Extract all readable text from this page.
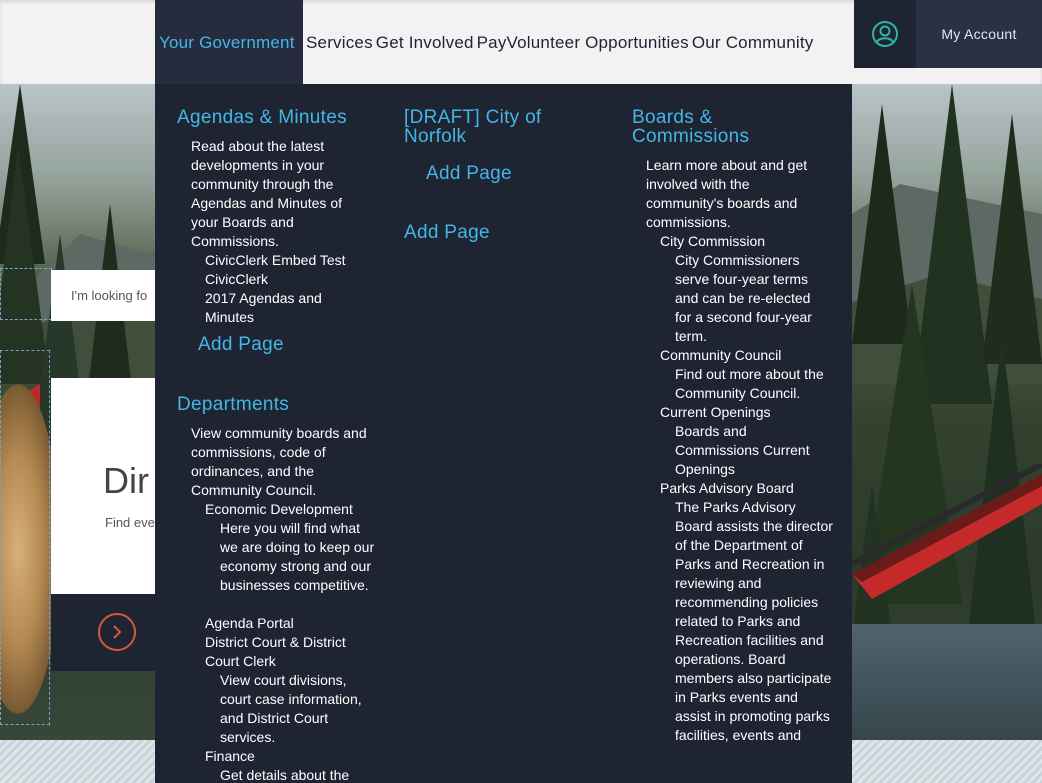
I'm looking fo
Dir
Find eve
Your Government Services Get Involved Pay Volunteer Opportunities Our Community	My Account
Agendas & Minutes
Read about the latest developments in your community through the Agendas and Minutes of your Boards and Commissions.
CivicClerk Embed Test
CivicClerk
2017 Agendas and Minutes
Add Page
Departments
View community boards and commissions, code of ordinances, and the Community Council.
Economic Development
Here you will find what we are doing to keep our economy strong and our businesses competitive.
Agenda Portal
District Court & District Court Clerk
View court divisions, court case information, and District Court services.
Finance
Get details about the
[DRAFT] City of Norfolk
Add Page
Add Page
Boards & Commissions
Learn more about and get involved with the community's boards and commissions.
City Commission
City Commissioners serve four-year terms and can be re-elected for a second four-year term.
Community Council
Find out more about the Community Council.
Current Openings
Boards and Commissions Current Openings
Parks Advisory Board
The Parks Advisory Board assists the director of the Department of Parks and Recreation in reviewing and recommending policies related to Parks and Recreation facilities and operations. Board members also participate in Parks events and assist in promoting parks facilities, events and
